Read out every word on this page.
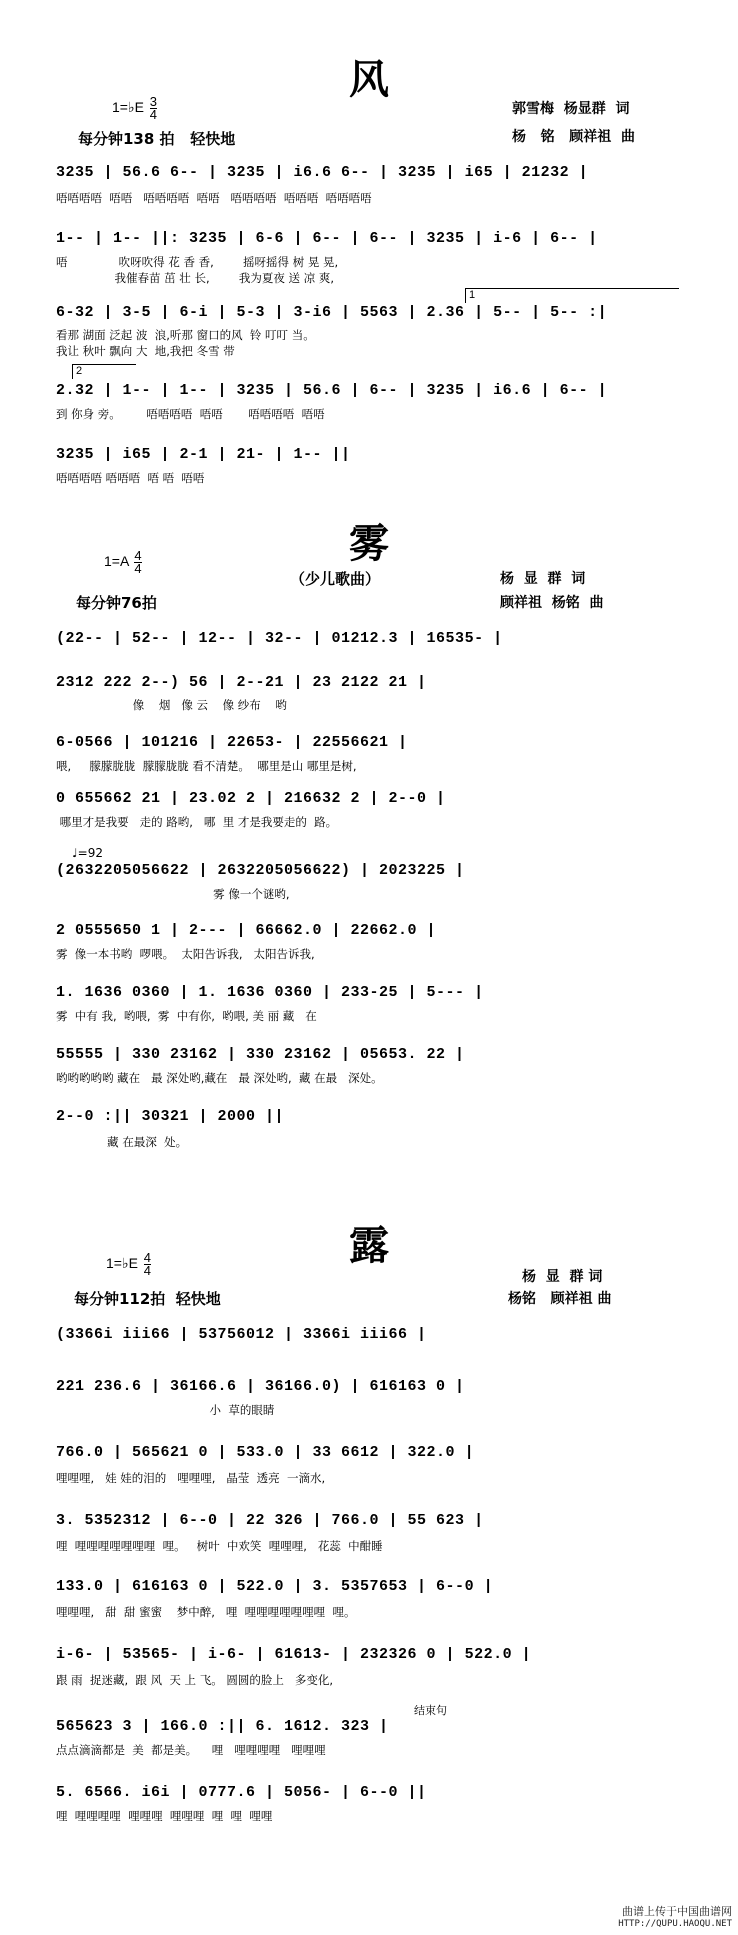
风
1=♭E $\frac{3}{4}$
每分钟138 拍   轻快地
郭雪梅  杨显群  词
杨   铭   顾祥祖  曲
3235 | 56.6 6-- | 3235 | i6.6 6-- | 3235 | i65 | 21232 |
唔唔唔唔  唔唔   唔唔唔唔  唔唔   唔唔唔唔  唔唔唔  唔唔唔唔
1-- | 1-- ||: 3235 | 6-6 | 6-- | 6-- | 3235 | i-6 | 6-- |
唔              吹呀吹得 花 香 香,        摇呀摇得 树 晃 晃,
我催春苗 茁 壮 长,        我为夏夜 送 凉 爽,
1
6-32 | 3-5 | 6-i | 5-3 | 3-i6 | 5563 | 2.36 | 5-- | 5-- :|
看那 湖面 泛起 波  浪,听那 窗口的风  铃 叮叮 当。
我让 秋叶 飘向 大  地,我把 冬雪 带
2
2.32 | 1-- | 1-- | 3235 | 56.6 | 6-- | 3235 | i6.6 | 6-- |
到 你身 旁。       唔唔唔唔  唔唔       唔唔唔唔  唔唔
3235 | i65 | 2-1 | 21- | 1-- ||
唔唔唔唔 唔唔唔  唔 唔  唔唔
雾
$1=A \frac{4}{4}$
（少儿歌曲）
每分钟76拍
杨  显  群  词
顾祥祖  杨铭  曲
(22-- | 52-- | 12-- | 32-- | 01212.3 | 16535- |
2312 222 2--) 56 | 2--21 | 23 2122 21 |
像    烟   像 云    像 纱布    哟
6-0566 | 101216 | 22653- | 22556621 |
喂,     朦朦胧胧  朦朦胧胧 看不清楚。  哪里是山 哪里是树,
0 655662 21 | 23.02 2 | 216632 2 | 2--0 |
哪里才是我要   走的 路哟,   哪  里 才是我要走的  路。
♩=92
(2632205056622 | 2632205056622) | 2023225 |
雾 像一个谜哟,
2 0555650 1 | 2--- | 66662.0 | 22662.0 |
雾  像一本书哟  啰喂。  太阳告诉我,   太阳告诉我,
1. 1636 0360 | 1. 1636 0360 | 233-25 | 5--- |
雾  中有 我,  哟喂,  雾  中有你,  哟喂, 美 丽 藏   在
55555 | 330 23162 | 330 23162 | 05653. 22 |
哟哟哟哟哟 藏在   最 深处哟,藏在   最 深处哟,  藏 在最   深处。
2--0 :|| 30321 | 2000 ||
藏 在最深  处。
露
1=♭E $\frac{4}{4}$
每分钟112拍  轻快地
杨  显  群 词
杨铭   顾祥祖 曲
(3366i iii66 | 53756012 | 3366i iii66 |
221 236.6 | 36166.6 | 36166.0) | 616163 0 |
小  草的眼睛
766.0 | 565621 0 | 533.0 | 33 6612 | 322.0 |
哩哩哩,   娃 娃的泪的   哩哩哩,   晶莹  透亮  一滴水,
3. 5352312 | 6--0 | 22 326 | 766.0 | 55 623 |
哩  哩哩哩哩哩哩哩  哩。   树叶  中欢笑  哩哩哩,   花蕊  中酣睡
133.0 | 616163 0 | 522.0 | 3. 5357653 | 6--0 |
哩哩哩,   甜  甜 蜜蜜    梦中醉,   哩  哩哩哩哩哩哩哩  哩。
i-6- | 53565- | i-6- | 61613- | 232326 0 | 522.0 |
跟 雨  捉迷藏,  跟 风  天 上 飞。 圆圆的脸上   多变化,
结束句
565623 3 | 166.0 :|| 6. 1612. 323 |
点点滴滴都是  美  都是美。    哩   哩哩哩哩   哩哩哩
5. 6566. i6i | 0777.6 | 5056- | 6--0 ||
哩  哩哩哩哩  哩哩哩  哩哩哩  哩  哩  哩哩
曲谱上传于中国曲谱网
HTTP://QUPU.HAOQU.NET
